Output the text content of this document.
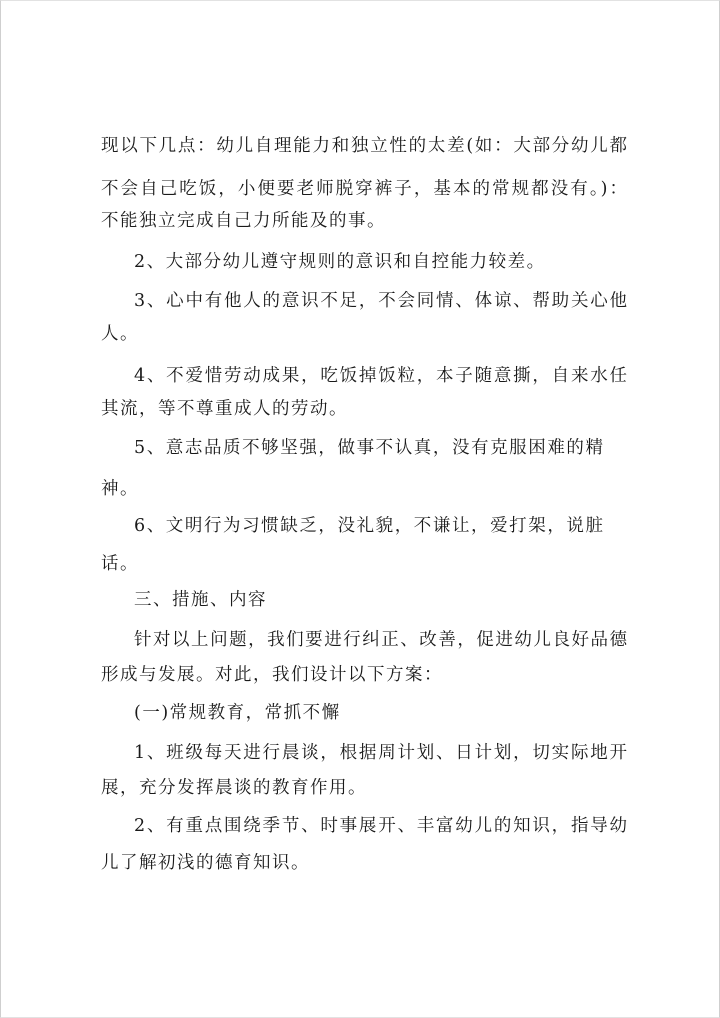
现以下几点：幼儿自理能力和独立性的太差(如：大部分幼儿都
不会自己吃饭，小便要老师脱穿裤子，基本的常规都没有。)：
不能独立完成自己力所能及的事。
2、大部分幼儿遵守规则的意识和自控能力较差。
3、心中有他人的意识不足，不会同情、体谅、帮助关心他
人。
4、不爱惜劳动成果，吃饭掉饭粒，本子随意撕，自来水任
其流，等不尊重成人的劳动。
5、意志品质不够坚强，做事不认真，没有克服困难的精
神。
6、文明行为习惯缺乏，没礼貌，不谦让，爱打架，说脏
话。
三、措施、内容
针对以上问题，我们要进行纠正、改善，促进幼儿良好品德
形成与发展。对此，我们设计以下方案：
(一)常规教育，常抓不懈
1、班级每天进行晨谈，根据周计划、日计划，切实际地开
展，充分发挥晨谈的教育作用。
2、有重点围绕季节、时事展开、丰富幼儿的知识，指导幼
儿了解初浅的德育知识。
